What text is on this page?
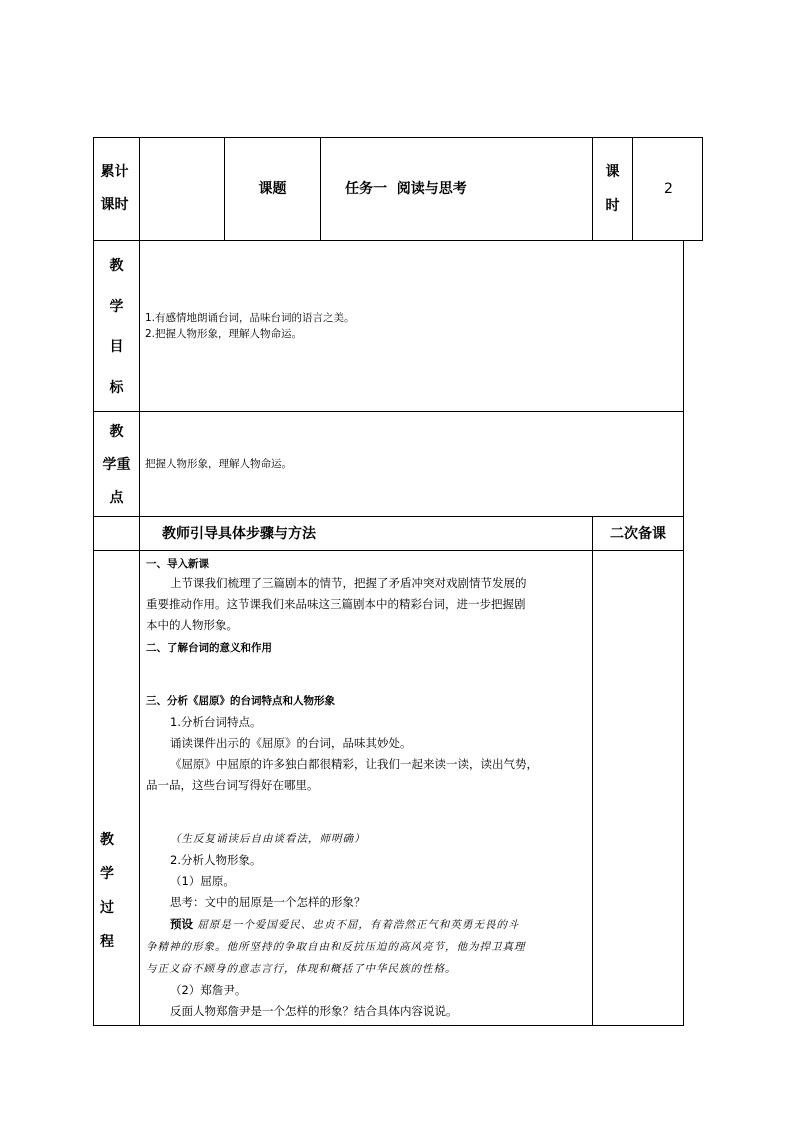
累计课时
课题	任务一  阅读与思考
课
时
2
教
学
目
标
1.有感情地朗诵台词，品味台词的语言之美。
2.把握人物形象，理解人物命运。
教
学重
点
把握人物形象，理解人物命运。
教师引导具体步骤与方法	二次备课
教
学
过
程
一、导入新课
上节课我们梳理了三篇剧本的情节，把握了矛盾冲突对戏剧情节发展的
重要推动作用。这节课我们来品味这三篇剧本中的精彩台词，进一步把握剧
本中的人物形象。
二、了解台词的意义和作用
三、分析《屈原》的台词特点和人物形象
1.分析台词特点。
诵读课件出示的《屈原》的台词，品味其妙处。
《屈原》中屈原的许多独白都很精彩，让我们一起来读一读，读出气势，
品一品，这些台词写得好在哪里。
（生反复诵读后自由谈看法，师明确）
2.分析人物形象。
（1）屈原。
思考：文中的屈原是一个怎样的形象？
预设 屈原是一个爱国爱民、忠贞不屈，有着浩然正气和英勇无畏的斗
争精神的形象。他所坚持的争取自由和反抗压迫的高风亮节，他为捍卫真理
与正义奋不顾身的意志言行，体现和概括了中华民族的性格。
（2）郑詹尹。
反面人物郑詹尹是一个怎样的形象？结合具体内容说说。
